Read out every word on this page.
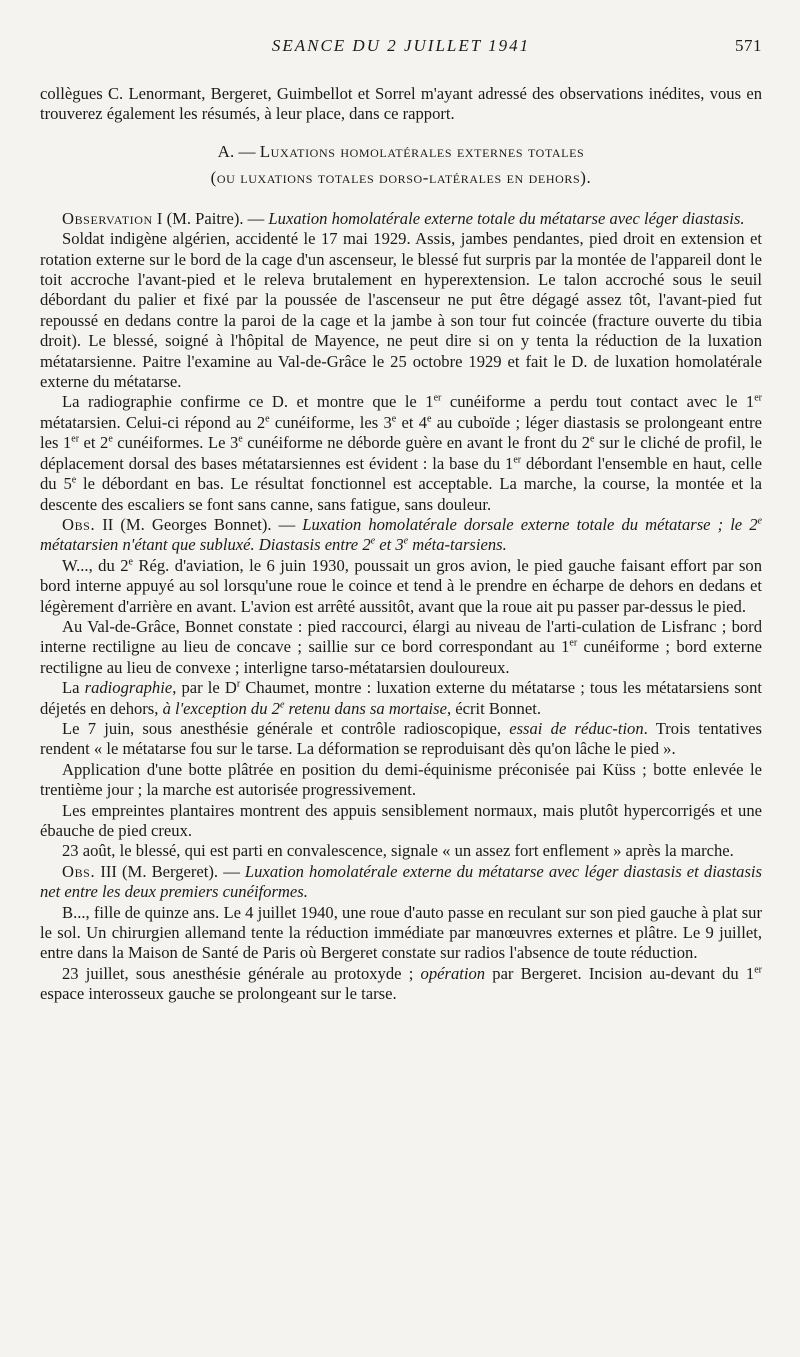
SEANCE DU 2 JUILLET 1941	571

collègues C. Lenormant, Bergeret, Guimbellot et Sorrel m'ayant adressé des observations inédites, vous en trouverez également les résumés, à leur place, dans ce rapport.

A. — Luxations homolatérales externes totales
(ou luxations totales dorso-latérales en dehors).

Observation I (M. Paitre). — Luxation homolatérale externe totale du métatarse avec léger diastasis.

Soldat indigène algérien, accidenté le 17 mai 1929. Assis, jambes pendantes, pied droit en extension et rotation externe sur le bord de la cage d'un ascenseur, le blessé fut surpris par la montée de l'appareil dont le toit accroche l'avant-pied et le releva brutalement en hyperextension. Le talon accroché sous le seuil débordant du palier et fixé par la poussée de l'ascenseur ne put être dégagé assez tôt, l'avant-pied fut repoussé en dedans contre la paroi de la cage et la jambe à son tour fut coincée (fracture ouverte du tibia droit). Le blessé, soigné à l'hôpital de Mayence, ne peut dire si on y tenta la réduction de la luxation métatarsienne. Paitre l'examine au Val-de-Grâce le 25 octobre 1929 et fait le D. de luxation homolatérale externe du métatarse.

La radiographie confirme ce D. et montre que le 1er cunéiforme a perdu tout contact avec le 1er métatarsien. Celui-ci répond au 2e cunéiforme, les 3e et 4e au cuboïde ; léger diastasis se prolongeant entre les 1er et 2e cunéiformes. Le 3e cunéiforme ne déborde guère en avant le front du 2e sur le cliché de profil, le déplacement dorsal des bases métatarsiennes est évident : la base du 1er débordant l'ensemble en haut, celle du 5e le débordant en bas. Le résultat fonctionnel est acceptable. La marche, la course, la montée et la descente des escaliers se font sans canne, sans fatigue, sans douleur.

Obs. II (M. Georges Bonnet). — Luxation homolatérale dorsale externe totale du métatarse ; le 2e métatarsien n'étant que subluxé. Diastasis entre 2e et 3e méta-tarsiens.

W..., du 2e Rég. d'aviation, le 6 juin 1930, poussait un gros avion, le pied gauche faisant effort par son bord interne appuyé au sol lorsqu'une roue le coince et tend à le prendre en écharpe de dehors en dedans et légèrement d'arrière en avant. L'avion est arrêté aussitôt, avant que la roue ait pu passer par-dessus le pied.

Au Val-de-Grâce, Bonnet constate : pied raccourci, élargi au niveau de l'arti-culation de Lisfranc ; bord interne rectiligne au lieu de concave ; saillie sur ce bord correspondant au 1er cunéiforme ; bord externe rectiligne au lieu de convexe ; interligne tarso-métatarsien douloureux.

La radiographie, par le $D^r$ Chaumet, montre : luxation externe du métatarse ; tous les métatarsiens sont déjetés en dehors, à l'exception du 2e retenu dans sa mortaise, écrit Bonnet.

Le 7 juin, sous anesthésie générale et contrôle radioscopique, essai de réduc-tion. Trois tentatives rendent « le métatarse fou sur le tarse. La déformation se reproduisant dès qu'on lâche le pied ».

Application d'une botte plâtrée en position du demi-équinisme préconisée pai Küss ; botte enlevée le trentième jour ; la marche est autorisée progressivement.

Les empreintes plantaires montrent des appuis sensiblement normaux, mais plutôt hypercorrigés et une ébauche de pied creux.

23 août, le blessé, qui est parti en convalescence, signale « un assez fort enflement » après la marche.

Obs. III (M. Bergeret). — Luxation homolatérale externe du métatarse avec léger diastasis et diastasis net entre les deux premiers cunéiformes.

B..., fille de quinze ans. Le 4 juillet 1940, une roue d'auto passe en reculant sur son pied gauche à plat sur le sol. Un chirurgien allemand tente la réduction immédiate par manœuvres externes et plâtre. Le 9 juillet, entre dans la Maison de Santé de Paris où Bergeret constate sur radios l'absence de toute réduction.

23 juillet, sous anesthésie générale au protoxyde ; opération par Bergeret. Incision au-devant du 1er espace interosseux gauche se prolongeant sur le tarse.
